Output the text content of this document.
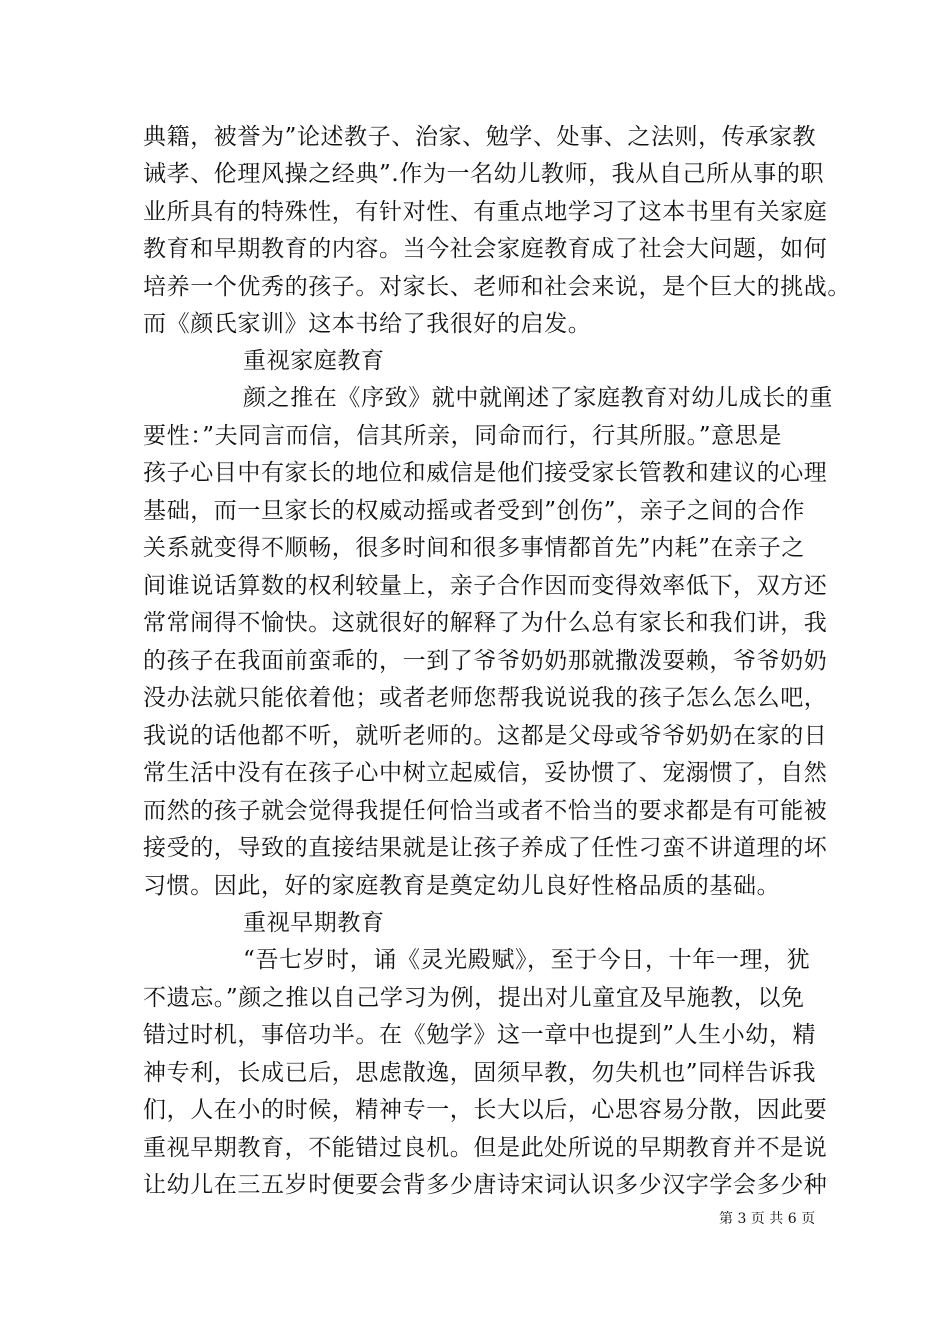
典籍，被誉为”论述教子、治家、勉学、处事、之法则，传承家教

诫孝、伦理风操之经典”.作为一名幼儿教师，我从自己所从事的职

业所具有的特殊性，有针对性、有重点地学习了这本书里有关家庭

教育和早期教育的内容。当今社会家庭教育成了社会大问题，如何

培养一个优秀的孩子。对家长、老师和社会来说，是个巨大的挑战。

而《颜氏家训》这本书给了我很好的启发。

重视家庭教育

颜之推在《序致》就中就阐述了家庭教育对幼儿成长的重

要性：”夫同言而信，信其所亲，同命而行，行其所服。”意思是

孩子心目中有家长的地位和威信是他们接受家长管教和建议的心理

基础，而一旦家长的权威动摇或者受到”创伤”，亲子之间的合作

关系就变得不顺畅，很多时间和很多事情都首先”内耗”在亲子之

间谁说话算数的权利较量上，亲子合作因而变得效率低下，双方还

常常闹得不愉快。这就很好的解释了为什么总有家长和我们讲，我

的孩子在我面前蛮乖的，一到了爷爷奶奶那就撒泼耍赖，爷爷奶奶

没办法就只能依着他；或者老师您帮我说说我的孩子怎么怎么吧，

我说的话他都不听，就听老师的。这都是父母或爷爷奶奶在家的日

常生活中没有在孩子心中树立起威信，妥协惯了、宠溺惯了，自然

而然的孩子就会觉得我提任何恰当或者不恰当的要求都是有可能被

接受的，导致的直接结果就是让孩子养成了任性刁蛮不讲道理的坏

习惯。因此，好的家庭教育是奠定幼儿良好性格品质的基础。

重视早期教育

“吾七岁时，诵《灵光殿赋》，至于今日，十年一理，犹

不遗忘。”颜之推以自己学习为例，提出对儿童宜及早施教，以免

错过时机，事倍功半。在《勉学》这一章中也提到”人生小幼，精

神专利，长成已后，思虑散逸，固须早教，勿失机也”同样告诉我

们，人在小的时候，精神专一，长大以后，心思容易分散，因此要

重视早期教育，不能错过良机。但是此处所说的早期教育并不是说

让幼儿在三五岁时便要会背多少唐诗宋词认识多少汉字学会多少种

第 3 页 共 6 页
